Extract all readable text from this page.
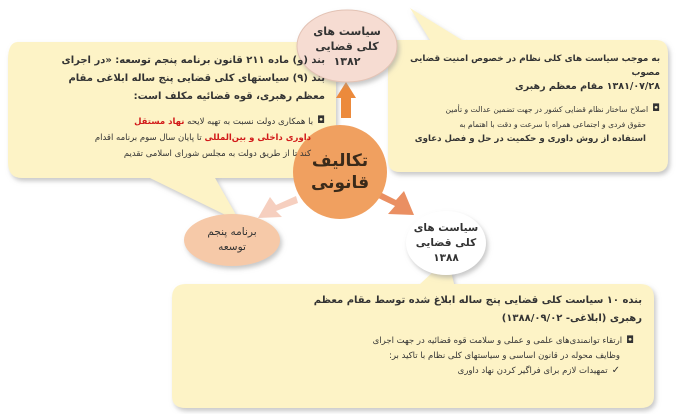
تکالیف
قانونی
سیاست های
کلی قضایی
۱۳۸۲
سیاست های
کلی قضایی
۱۳۸۸
برنامه پنجم
توسعه
بند (و) ماده ۲۱۱ قانون برنامه پنجم توسعه: «در اجرای
بند (۹) سیاستهای کلی قضایی پنج ساله ابلاغی مقام
معظم رهبری، قوه قضائیه مکلف است:
◘
با همکاری دولت نسبت به تهیه لایحه نهاد مستقل
داوری داخلی و بین‌المللی تا پایان سال سوم برنامه اقدام
کند تا از طریق دولت به مجلس شورای اسلامی تقدیم
به موجب سیاست های کلی نظام در خصوص امنیت قضایی مصوب
۱۳۸۱/۰۷/۲۸ مقام معظم رهبری
◘
اصلاح ساختار نظام قضایی کشور در جهت تضمین عدالت و تأمین
حقوق فردی و اجتماعی همراه با سرعت و دقت با اهتمام به
استفاده از روش داوری و حکمیت در حل و فصل دعاوی
بنده ۱۰ سیاست کلی قضایی پنج ساله ابلاغ شده توسط مقام معظم
رهبری (ابلاغی- ۱۳۸۸/۰۹/۰۲)
◘
ارتقاء توانمندی‌های علمی و عملی و سلامت قوه قضائیه در جهت اجرای
وظایف محوله در قانون اساسی و سیاستهای کلی نظام با تاکید بر:
✓
تمهیدات لازم برای فراگیر کردن نهاد داوری
